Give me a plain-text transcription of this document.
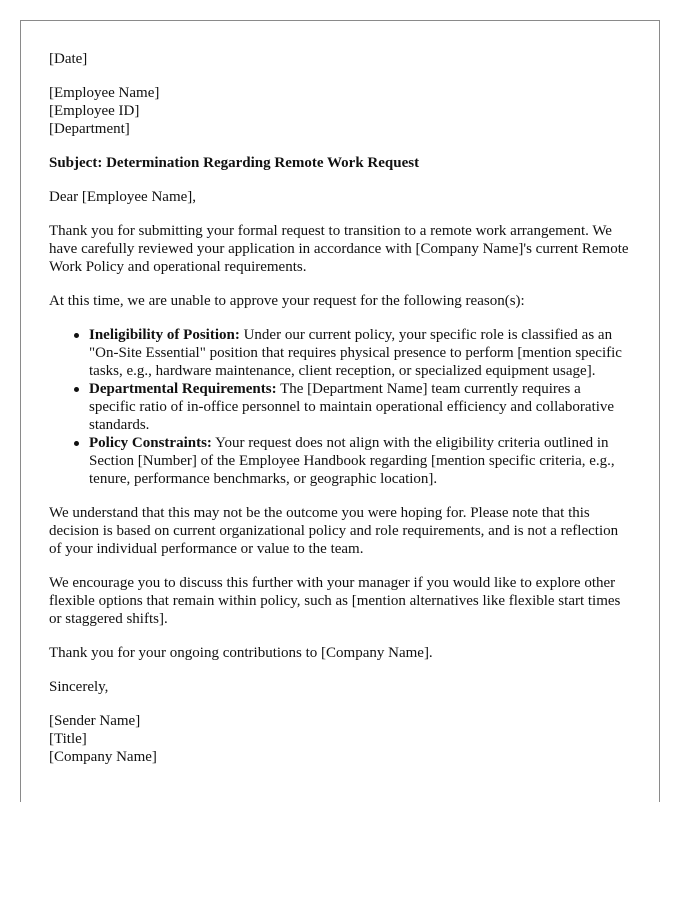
[Date]

[Employee Name]
[Employee ID]
[Department]

Subject: Determination Regarding Remote Work Request

Dear [Employee Name],

Thank you for submitting your formal request to transition to a remote work arrangement. We have carefully reviewed your application in accordance with [Company Name]'s current Remote Work Policy and operational requirements.

At this time, we are unable to approve your request for the following reason(s):

Ineligibility of Position: Under our current policy, your specific role is classified as an "On-Site Essential" position that requires physical presence to perform [mention specific tasks, e.g., hardware maintenance, client reception, or specialized equipment usage].
Departmental Requirements: The [Department Name] team currently requires a specific ratio of in-office personnel to maintain operational efficiency and collaborative standards.
Policy Constraints: Your request does not align with the eligibility criteria outlined in Section [Number] of the Employee Handbook regarding [mention specific criteria, e.g., tenure, performance benchmarks, or geographic location].

We understand that this may not be the outcome you were hoping for. Please note that this decision is based on current organizational policy and role requirements, and is not a reflection of your individual performance or value to the team.

We encourage you to discuss this further with your manager if you would like to explore other flexible options that remain within policy, such as [mention alternatives like flexible start times or staggered shifts].

Thank you for your ongoing contributions to [Company Name].

Sincerely,

[Sender Name]
[Title]
[Company Name]
